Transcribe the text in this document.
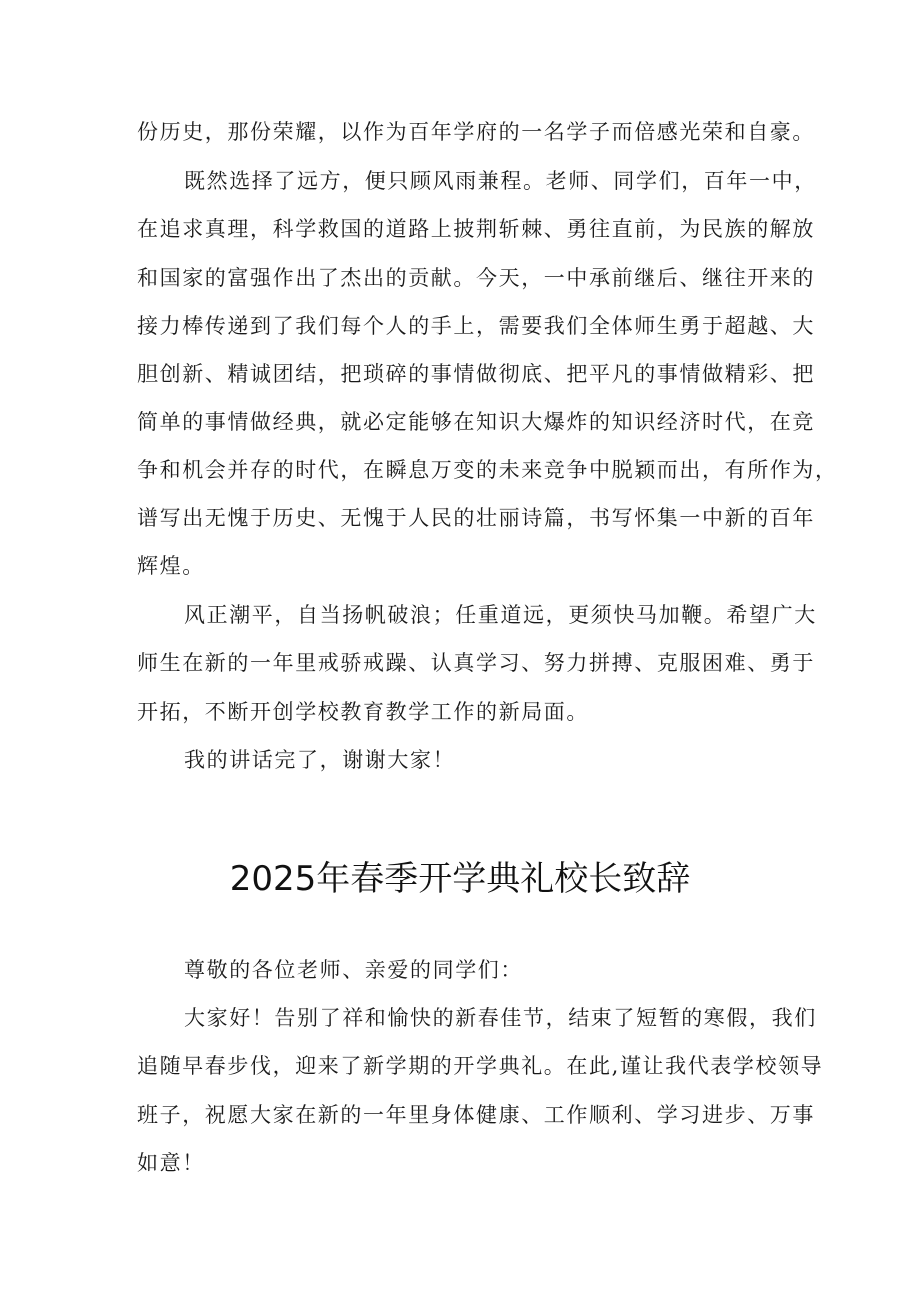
份历史，那份荣耀，以作为百年学府的一名学子而倍感光荣和自豪。
既然选择了远方，便只顾风雨兼程。老师、同学们，百年一中，
在追求真理，科学救国的道路上披荆斩棘、勇往直前，为民族的解放
和国家的富强作出了杰出的贡献。今天，一中承前继后、继往开来的
接力棒传递到了我们每个人的手上，需要我们全体师生勇于超越、大
胆创新、精诚团结，把琐碎的事情做彻底、把平凡的事情做精彩、把
简单的事情做经典，就必定能够在知识大爆炸的知识经济时代，在竞
争和机会并存的时代，在瞬息万变的未来竞争中脱颖而出，有所作为，
谱写出无愧于历史、无愧于人民的壮丽诗篇，书写怀集一中新的百年
辉煌。
风正潮平，自当扬帆破浪；任重道远，更须快马加鞭。希望广大
师生在新的一年里戒骄戒躁、认真学习、努力拼搏、克服困难、勇于
开拓，不断开创学校教育教学工作的新局面。
我的讲话完了，谢谢大家！
2025年春季开学典礼校长致辞
尊敬的各位老师、亲爱的同学们：
大家好！告别了祥和愉快的新春佳节，结束了短暂的寒假，我们
追随早春步伐，迎来了新学期的开学典礼。在此,谨让我代表学校领导
班子，祝愿大家在新的一年里身体健康、工作顺利、学习进步、万事
如意！
